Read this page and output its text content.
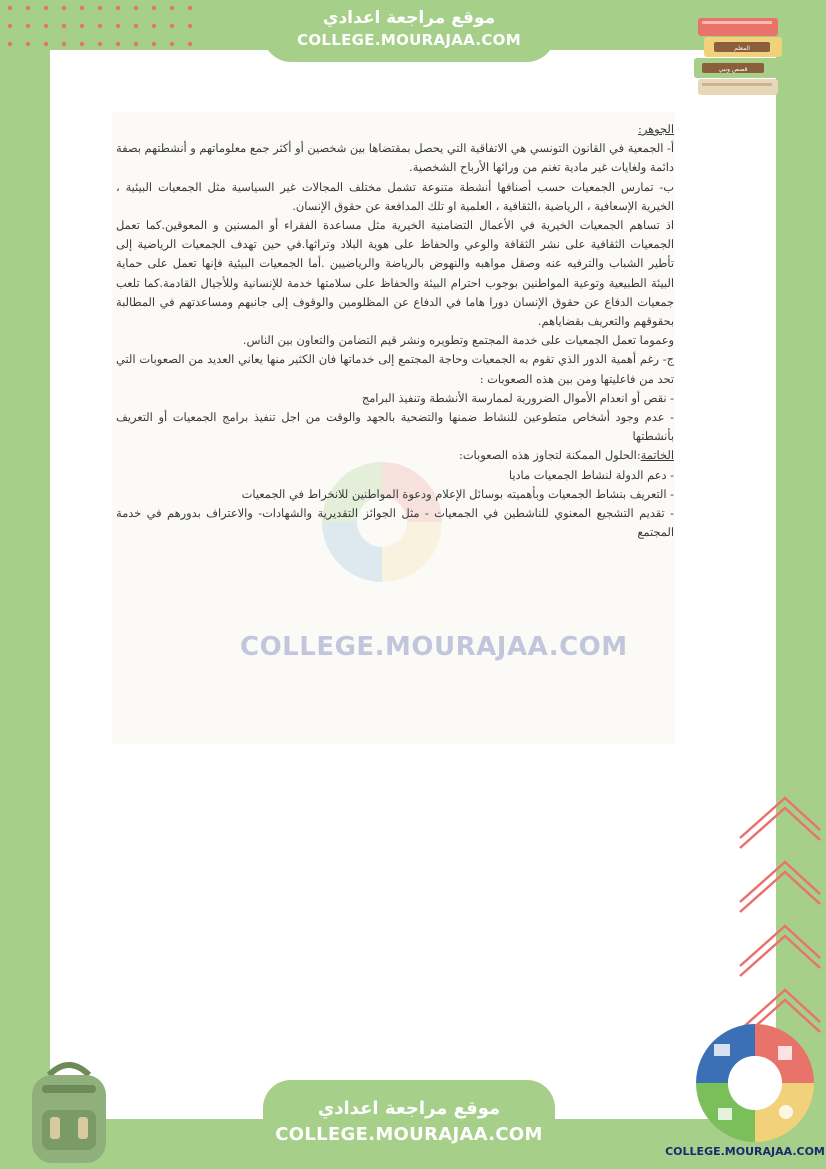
موقع مراجعة اعدادي
COLLEGE.MOURAJAA.COM	المعلم
قصص ونبي

الجوهر:

أ- الجمعية في القانون التونسي هي الاتفاقية التي يحصل بمقتضاها بين شخصين أو أكثر جمع معلوماتهم و أنشطتهم بصفة دائمة ولغايات غير مادية تغنم من ورائها الأرباح الشخصية.

ب- تمارس الجمعيات حسب أصنافها أنشطة متنوعة تشمل مختلف المجالات غير السياسية مثل الجمعيات البيئية ، الخيرية الإسعافية ، الرياضية ،الثقافية ، العلمية او تلك المدافعة عن حقوق الإنسان.

اذ تساهم الجمعيات الخيرية في الأعمال التضامنية الخيرية مثل مساعدة الفقراء أو المسنين و المعوقين.كما تعمل الجمعيات الثقافية على نشر الثقافة والوعي والحفاظ على هوية البلاد وتراثها.في حين تهدف الجمعيات الرياضية إلى تأطير الشباب والترفيه عنه وصقل مواهبه والنهوض بالرياضة والرياضيين .أما الجمعيات البيئية فإنها تعمل على حماية البيئة الطبيعية وتوعية المواطنين بوجوب احترام البيئة والحفاظ على سلامتها خدمة للإنسانية وللأجيال القادمة.كما تلعب جمعيات الدفاع عن حقوق الإنسان دورا هاما في الدفاع عن المظلومين والوقوف إلى جانبهم ومساعدتهم في المطالبة بحقوقهم والتعريف بقضاياهم.

وعموما تعمل الجمعيات على خدمة المجتمع وتطويره ونشر قيم التضامن والتعاون بين الناس.

ج- رغم أهمية الدور الذي تقوم به الجمعيات وحاجة المجتمع إلى خدماتها فان الكثير منها يعاني العديد من الصعوبات التي تحد من فاعليتها ومن بين هذه الصعوبات :

- نقص أو انعدام الأموال الضرورية لممارسة الأنشطة وتنفيذ البرامج

- عدم وجود أشخاص متطوعين للنشاط ضمنها والتضحية بالجهد والوقت من اجل تنفيذ برامج الجمعيات أو التعريف بأنشطتها

الخاتمة:الحلول الممكنة لتجاوز هذه الصعوبات:

- دعم الدولة لنشاط الجمعيات ماديا

- التعريف بنشاط الجمعيات وبأهميته بوسائل الإعلام ودعوة المواطنين للانخراط في الجمعيات

- تقديم التشجيع المعنوي للناشطين في الجمعيات - مثل الجوائز التقديرية والشهادات- والاعتراف بدورهم في خدمة المجتمع

COLLEGE.MOURAJAA.COM
موقع مراجعة اعدادي
COLLEGE.MOURAJAA.COM
COLLEGE.MOURAJAA.COM
